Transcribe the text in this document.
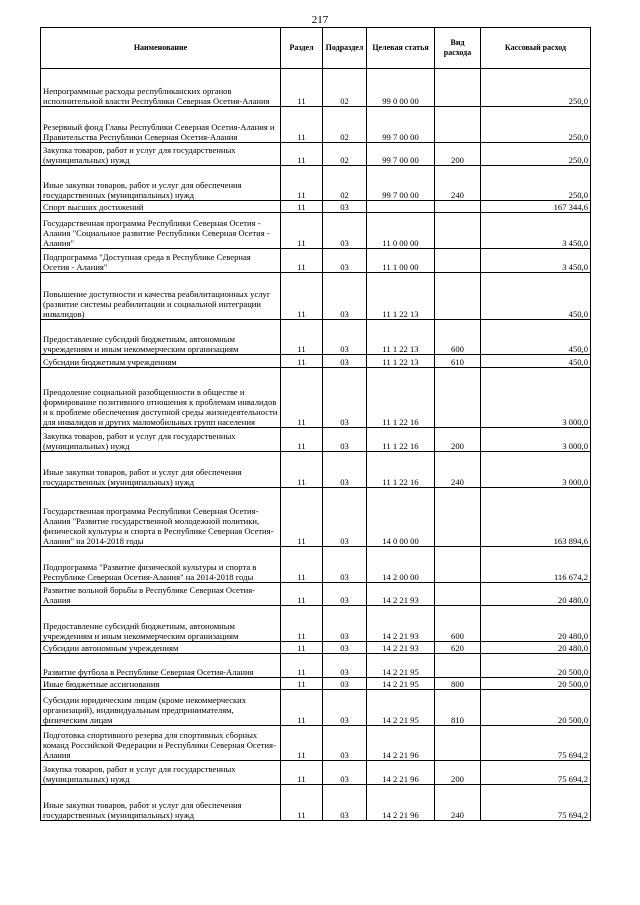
217
Наименование	Раздел	Подраздел	Целевая статья	Вид расхода	Кассовый расход
Непрограммные расходы республиканских органов исполнительной власти Республики Северная Осетия-Алания	11	02	99 0 00 00		250,0
Резервный фонд Главы Республики Северная Осетия-Алания и Правительства Республики Северная Осетия-Алания	11	02	99 7 00 00		250,0
Закупка товаров, работ и услуг для государственных (муниципальных) нужд	11	02	99 7 00 00	200	250,0
Иные закупки товаров, работ и услуг для обеспечения государственных (муниципальных) нужд	11	02	99 7 00 00	240	250,0
Спорт высших достижений	11	03			167 344,6
Государственная программа Республики Северная Осетия - Алания "Социальное развитие Республики Северная Осетия - Алания"	11	03	11 0 00 00		3 450,0
Подпрограмма "Доступная среда в Республике Северная Осетия - Алания"	11	03	11 1 00 00		3 450,0
Повышение доступности и качества реабилитационных услуг (развитие системы реабилитации и социальной интеграции инвалидов)	11	03	11 1 22 13		450,0
Предоставление субсидий бюджетным, автономным учреждениям и иным некоммерческим организациям	11	03	11 1 22 13	600	450,0
Субсидии бюджетным учреждениям	11	03	11 1 22 13	610	450,0
Преодоление социальной разобщенности в обществе и формирование позитивного отношения к проблемам инвалидов и к проблеме обеспечения доступной среды жизнедеятельности для инвалидов и других маломобильных групп населения	11	03	11 1 22 16		3 000,0
Закупка товаров, работ и услуг для государственных (муниципальных) нужд	11	03	11 1 22 16	200	3 000,0
Иные закупки товаров, работ и услуг для обеспечения государственных (муниципальных) нужд	11	03	11 1 22 16	240	3 000,0
Государственная программа Республики Северная Осетия-Алания "Развитие государственной молодежной политики, физической культуры и спорта в Республике Северная Осетия-Алания" на 2014-2018 годы	11	03	14 0 00 00		163 894,6
Подпрограмма "Развитие физической культуры и спорта в Республике Северная Осетия-Алания" на 2014-2018 годы	11	03	14 2 00 00		116 674,2
Развитие вольной борьбы в Республике Северная Осетия-Алания	11	03	14 2 21 93		20 480,0
Предоставление субсидий бюджетным, автономным учреждениям и иным некоммерческим организациям	11	03	14 2 21 93	600	20 480,0
Субсидии автономным учреждениям	11	03	14 2 21 93	620	20 480,0
Развитие футбола в Республике Северная Осетия-Алания	11	03	14 2 21 95		20 500,0
Иные бюджетные ассигнования	11	03	14 2 21 95	800	20 500,0
Субсидии юридическим лицам (кроме некоммерческих организаций), индивидуальным предпринимателям, физическим лицам	11	03	14 2 21 95	810	20 500,0
Подготовка спортивного резерва для спортивных сборных команд Российской Федерации и Республики Северная Осетия-Алания	11	03	14 2 21 96		75 694,2
Закупка товаров, работ и услуг для государственных (муниципальных) нужд	11	03	14 2 21 96	200	75 694,2
Иные закупки товаров, работ и услуг для обеспечения государственных (муниципальных) нужд	11	03	14 2 21 96	240	75 694,2
